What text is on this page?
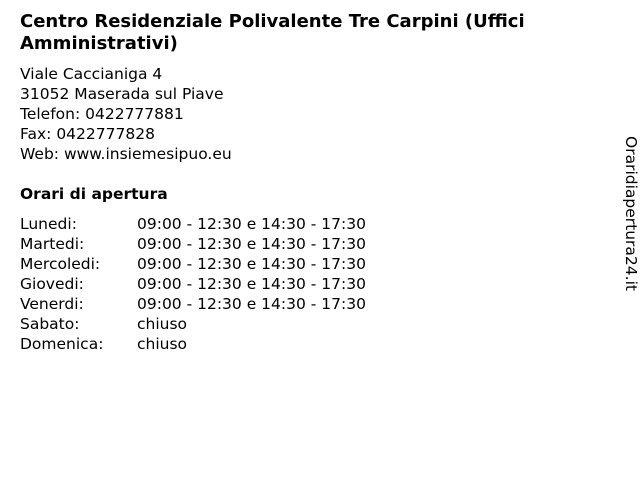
Centro Residenziale Polivalente Tre Carpini (Uffici Amministrativi)
Viale Caccianiga 4
31052 Maserada sul Piave
Telefon: 0422777881
Fax: 0422777828
Web: www.insiemesipuo.eu
Orari di apertura
Lunedi:	09:00 - 12:30 e 14:30 - 17:30
Martedi:	09:00 - 12:30 e 14:30 - 17:30
Mercoledi:	09:00 - 12:30 e 14:30 - 17:30
Giovedi:	09:00 - 12:30 e 14:30 - 17:30
Venerdi:	09:00 - 12:30 e 14:30 - 17:30
Sabato:	chiuso
Domenica:	chiuso
Oraridiapertura24.it
